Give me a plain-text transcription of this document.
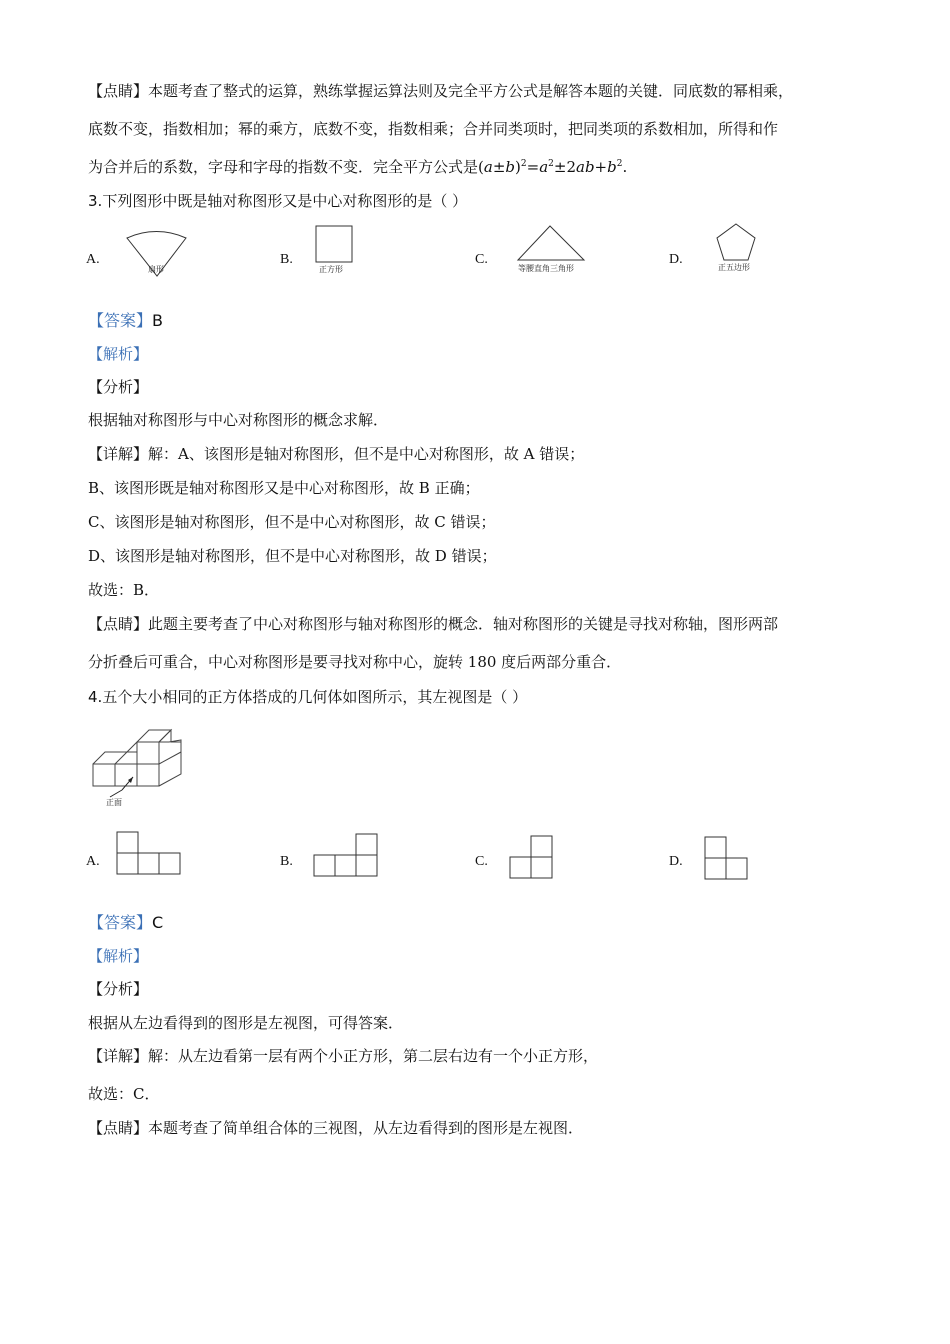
【点睛】本题考查了整式的运算，熟练掌握运算法则及完全平方公式是解答本题的关键．同底数的幂相乘，
底数不变，指数相加；幂的乘方，底数不变，指数相乘；合并同类项时，把同类项的系数相加，所得和作
为合并后的系数，字母和字母的指数不变．完全平方公式是$(a\pm b)^2=a^2\pm 2ab+b^2$.
3.下列图形中既是轴对称图形又是中心对称图形的是（ ）
A.
扇形	正方形	等腰直角三角形	正五边形
B.	C.	D.
【答案】B
【解析】
【分析】
根据轴对称图形与中心对称图形的概念求解．
【详解】解：A、该图形是轴对称图形，但不是中心对称图形，故 A 错误；
B、该图形既是轴对称图形又是中心对称图形，故 B 正确；
C、该图形是轴对称图形，但不是中心对称图形，故 C 错误；
D、该图形是轴对称图形，但不是中心对称图形，故 D 错误；
故选：B．
【点睛】此题主要考查了中心对称图形与轴对称图形的概念．轴对称图形的关键是寻找对称轴，图形两部
分折叠后可重合，中心对称图形是要寻找对称中心，旋转 180 度后两部分重合．
4.五个大小相同的正方体搭成的几何体如图所示，其左视图是（ ）
正面
A.	B.	C.	D.
【答案】C
【解析】
【分析】
根据从左边看得到的图形是左视图，可得答案．
【详解】解：从左边看第一层有两个小正方形，第二层右边有一个小正方形，
故选：C．
【点睛】本题考查了简单组合体的三视图，从左边看得到的图形是左视图．
